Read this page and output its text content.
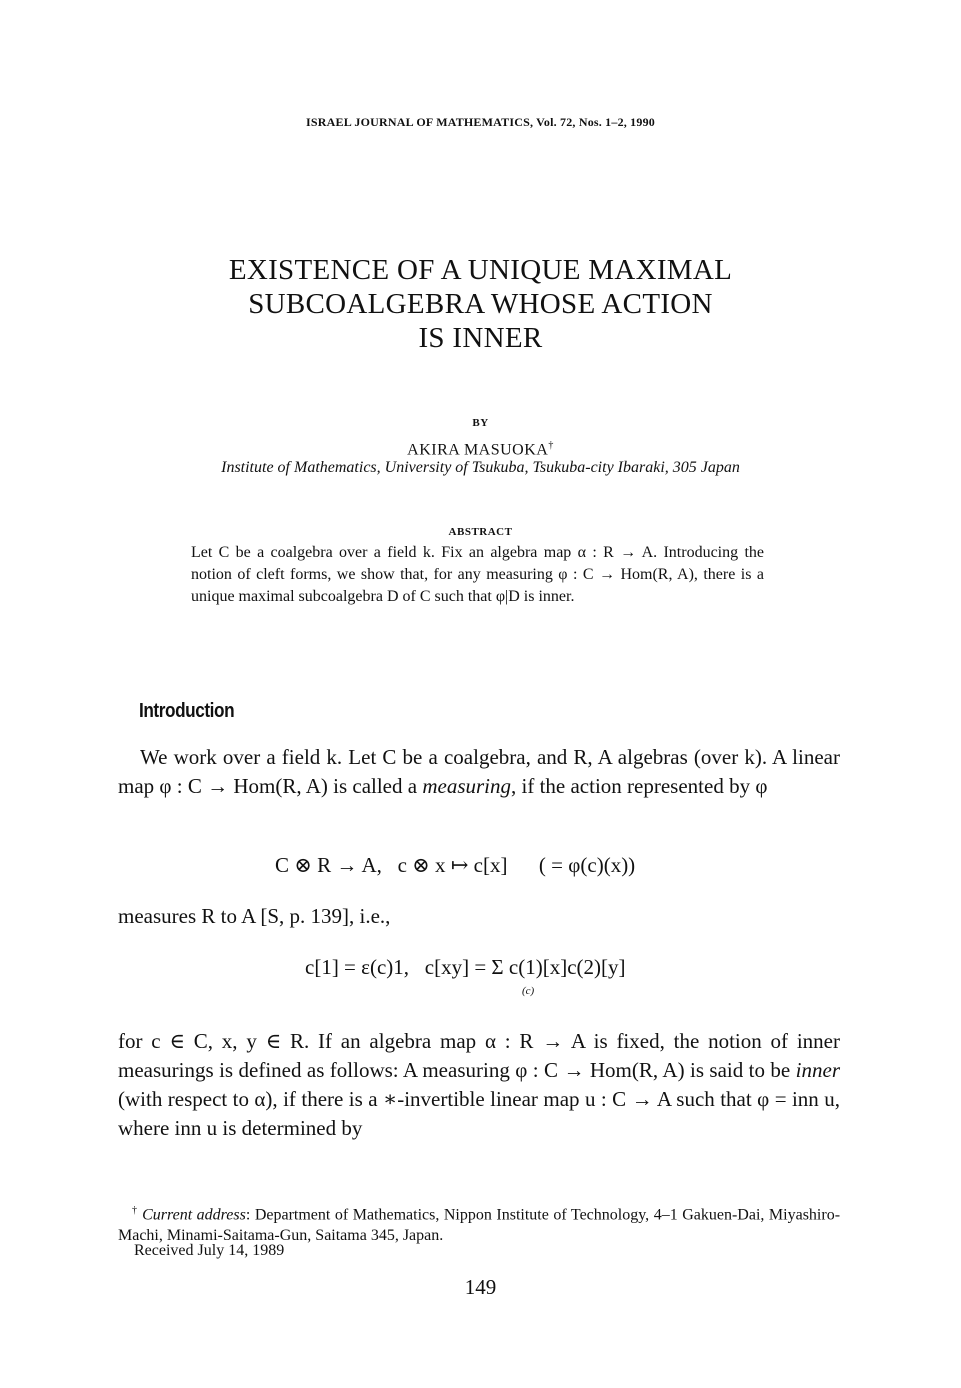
ISRAEL JOURNAL OF MATHEMATICS, Vol. 72, Nos. 1–2, 1990
EXISTENCE OF A UNIQUE MAXIMAL
SUBCOALGEBRA WHOSE ACTION
IS INNER
BY
AKIRA MASUOKA†
Institute of Mathematics, University of Tsukuba, Tsukuba-city Ibaraki, 305 Japan
ABSTRACT
Let C be a coalgebra over a field k. Fix an algebra map α : R → A. Introducing the notion of cleft forms, we show that, for any measuring φ : C → Hom(R, A), there is a unique maximal subcoalgebra D of C such that φ|D is inner.
Introduction
We work over a field k. Let C be a coalgebra, and R, A algebras (over k). A linear map φ : C → Hom(R, A) is called a measuring, if the action represented by φ
C ⊗ R → A,   c ⊗ x ↦ c[x]      ( = φ(c)(x))
measures R to A [S, p. 139], i.e.,
c[1] = ε(c)1,   c[xy] = Σ c(1)[x]c(2)[y]
(c)
for c ∈ C, x, y ∈ R. If an algebra map α : R → A is fixed, the notion of inner measurings is defined as follows: A measuring φ : C → Hom(R, A) is said to be inner (with respect to α), if there is a ∗-invertible linear map u : C → A such that φ = inn u, where inn u is determined by
† Current address: Department of Mathematics, Nippon Institute of Technology, 4–1 Gakuen-Dai, Miyashiro-Machi, Minami-Saitama-Gun, Saitama 345, Japan.
Received July 14, 1989
149
